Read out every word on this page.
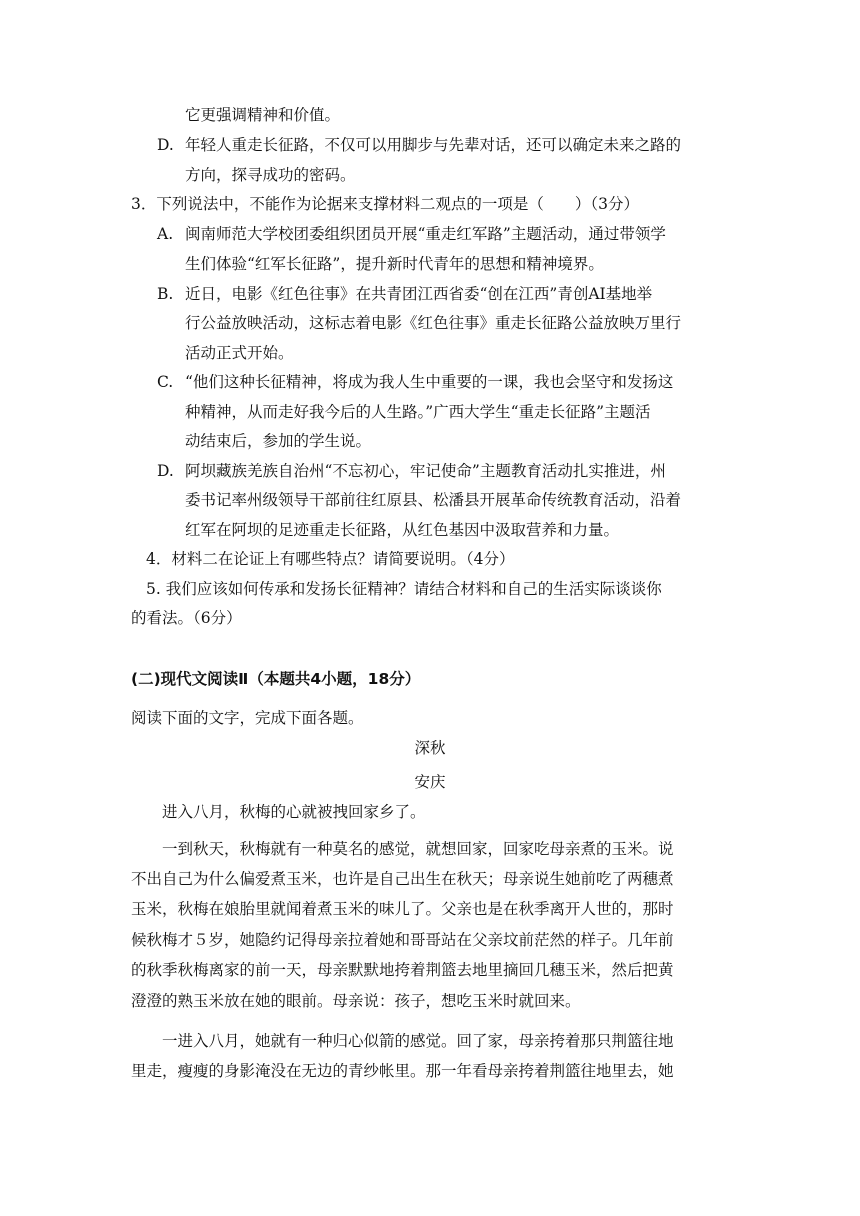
它更强调精神和价值。
D. 年轻人重走长征路，不仅可以用脚步与先辈对话，还可以确定未来之路的
方向，探寻成功的密码。
3．下列说法中，不能作为论据来支撑材料二观点的一项是（　　）（3分）
A. 闽南师范大学校团委组织团员开展“重走红军路”主题活动，通过带领学
生们体验“红军长征路”，提升新时代青年的思想和精神境界。
B. 近日，电影《红色往事》在共青团江西省委“创在江西”青创AI基地举
行公益放映活动，这标志着电影《红色往事》重走长征路公益放映万里行
活动正式开始。
C. “他们这种长征精神，将成为我人生中重要的一课，我也会坚守和发扬这
种精神，从而走好我今后的人生路。”广西大学生“重走长征路”主题活
动结束后，参加的学生说。
D. 阿坝藏族羌族自治州“不忘初心，牢记使命”主题教育活动扎实推进，州
委书记率州级领导干部前往红原县、松潘县开展革命传统教育活动，沿着
红军在阿坝的足迹重走长征路，从红色基因中汲取营养和力量。
4．材料二在论证上有哪些特点？请简要说明。（4分）
5. 我们应该如何传承和发扬长征精神？请结合材料和自己的生活实际谈谈你
的看法。（6分）
(二)现代文阅读Ⅱ（本题共4小题，18分）
阅读下面的文字，完成下面各题。
深秋
安庆
进入八月，秋梅的心就被拽回家乡了。
一到秋天，秋梅就有一种莫名的感觉，就想回家，回家吃母亲煮的玉米。说
不出自己为什么偏爱煮玉米，也许是自己出生在秋天；母亲说生她前吃了两穗煮
玉米，秋梅在娘胎里就闻着煮玉米的味儿了。父亲也是在秋季离开人世的，那时
候秋梅才５岁，她隐约记得母亲拉着她和哥哥站在父亲坟前茫然的样子。几年前
的秋季秋梅离家的前一天，母亲默默地挎着荆篮去地里摘回几穗玉米，然后把黄
澄澄的熟玉米放在她的眼前。母亲说：孩子，想吃玉米时就回来。
一进入八月，她就有一种归心似箭的感觉。回了家，母亲挎着那只荆篮往地
里走，瘦瘦的身影淹没在无边的青纱帐里。那一年看母亲挎着荆篮往地里去，她
